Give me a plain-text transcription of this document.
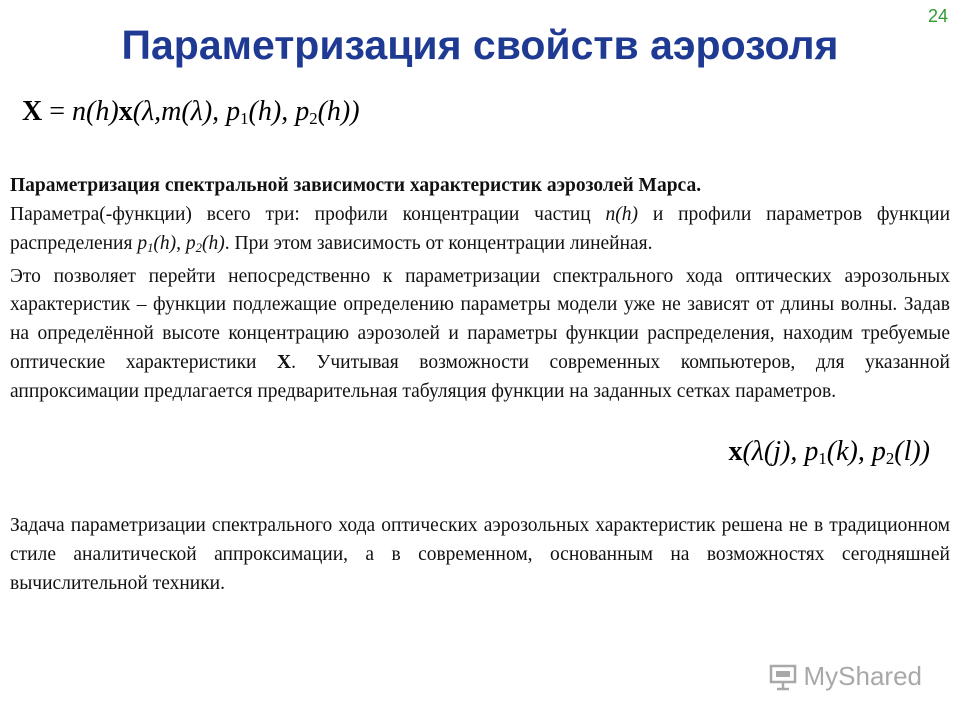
24
Параметризация свойств аэрозоля
X = n(h)x(λ,m(λ), $p_1(h)$, $p_2(h)$)

Параметризация спектральной зависимости характеристик аэрозолей Марса.

Параметра(-функции) всего три: профили концентрации частиц n(h) и профили параметров функции распределения $p_1(h)$, $p_2(h)$. При этом зависимость от концентрации линейная.

Это позволяет перейти непосредственно к параметризации спектрального хода оптических аэрозольных характеристик – функции подлежащие определению параметры модели уже не зависят от длины волны. Задав на определённой высоте концентрацию аэрозолей и параметры функции распределения, находим требуемые оптические характеристики X. Учитывая возможности современных компьютеров, для указанной аппроксимации предлагается предварительная табуляция функции на заданных сетках параметров.

x(λ(j), $p_1(k)$, $p_2(l)$)

Задача параметризации спектрального хода оптических аэрозольных характеристик решена не в традиционном стиле аналитической аппроксимации, а в современном, основанным на возможностях сегодняшней вычислительной техники.

MyShared
